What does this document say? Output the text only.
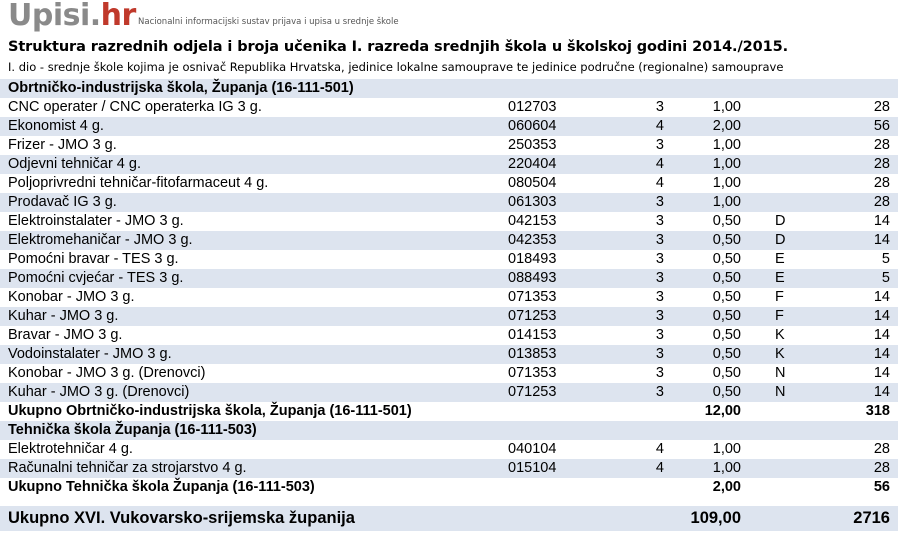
Upisi.hr Nacionalni informacijski sustav prijava i upisa u srednje škole
Struktura razrednih odjela i broja učenika I. razreda srednjih škola u školskoj godini 2014./2015.
I. dio - srednje škole kojima je osnivač Republika Hrvatska, jedinice lokalne samouprave te jedinice područne (regionalne) samouprave
Obrtničko-industrijska škola, Županja (16-111-501)
CNC operater / CNC operaterka IG 3 g.	012703	3	1,00	28
Ekonomist 4 g.	060604	4	2,00	56
Frizer - JMO 3 g.	250353	3	1,00	28
Odjevni tehničar 4 g.	220404	4	1,00	28
Poljoprivredni tehničar-fitofarmaceut 4 g.	080504	4	1,00	28
Prodavač IG 3 g.	061303	3	1,00	28
Elektroinstalater - JMO 3 g.	042153	3	0,50 D	14
Elektromehaničar - JMO 3 g.	042353	3	0,50 D	14
Pomoćni bravar - TES 3 g.	018493	3	0,50 E	5
Pomoćni cvjećar - TES 3 g.	088493	3	0,50 E	5
Konobar - JMO 3 g.	071353	3	0,50 F	14
Kuhar - JMO 3 g.	071253	3	0,50 F	14
Bravar - JMO 3 g.	014153	3	0,50 K	14
Vodoinstalater - JMO 3 g.	013853	3	0,50 K	14
Konobar - JMO 3 g. (Drenovci)	071353	3	0,50 N	14
Kuhar - JMO 3 g. (Drenovci)	071253	3	0,50 N	14
Ukupno Obrtničko-industrijska škola, Županja (16-111-501)	12,00	318
Tehnička škola Županja (16-111-503)
Elektrotehničar 4 g.	040104	4	1,00	28
Računalni tehničar za strojarstvo 4 g.	015104	4	1,00	28
Ukupno Tehnička škola Županja (16-111-503)	2,00	56
Ukupno XVI. Vukovarsko-srijemska županija	109,00	2716
